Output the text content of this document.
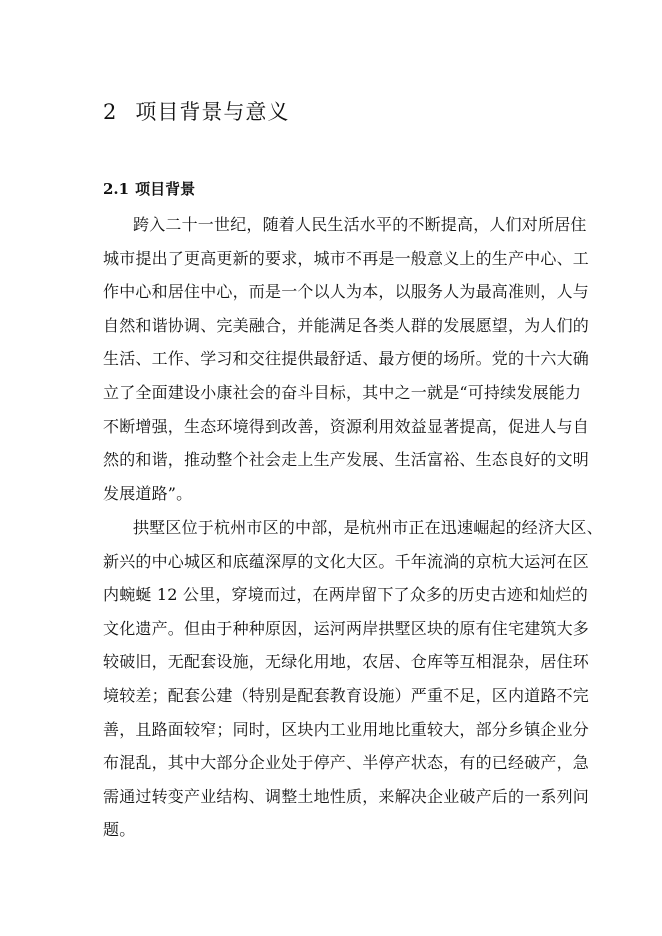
2 项目背景与意义
2.1 项目背景
跨入二十一世纪，随着人民生活水平的不断提高，人们对所居住
城市提出了更高更新的要求，城市不再是一般意义上的生产中心、工
作中心和居住中心，而是一个以人为本，以服务人为最高准则，人与
自然和谐协调、完美融合，并能满足各类人群的发展愿望，为人们的
生活、工作、学习和交往提供最舒适、最方便的场所。党的十六大确
立了全面建设小康社会的奋斗目标，其中之一就是“可持续发展能力
不断增强，生态环境得到改善，资源利用效益显著提高，促进人与自
然的和谐，推动整个社会走上生产发展、生活富裕、生态良好的文明
发展道路”。
拱墅区位于杭州市区的中部，是杭州市正在迅速崛起的经济大区、
新兴的中心城区和底蕴深厚的文化大区。千年流淌的京杭大运河在区
内蜿蜒 12 公里，穿境而过，在两岸留下了众多的历史古迹和灿烂的
文化遗产。但由于种种原因，运河两岸拱墅区块的原有住宅建筑大多
较破旧，无配套设施，无绿化用地，农居、仓库等互相混杂，居住环
境较差；配套公建（特别是配套教育设施）严重不足，区内道路不完
善，且路面较窄；同时，区块内工业用地比重较大，部分乡镇企业分
布混乱，其中大部分企业处于停产、半停产状态，有的已经破产，急
需通过转变产业结构、调整土地性质，来解决企业破产后的一系列问
题。
